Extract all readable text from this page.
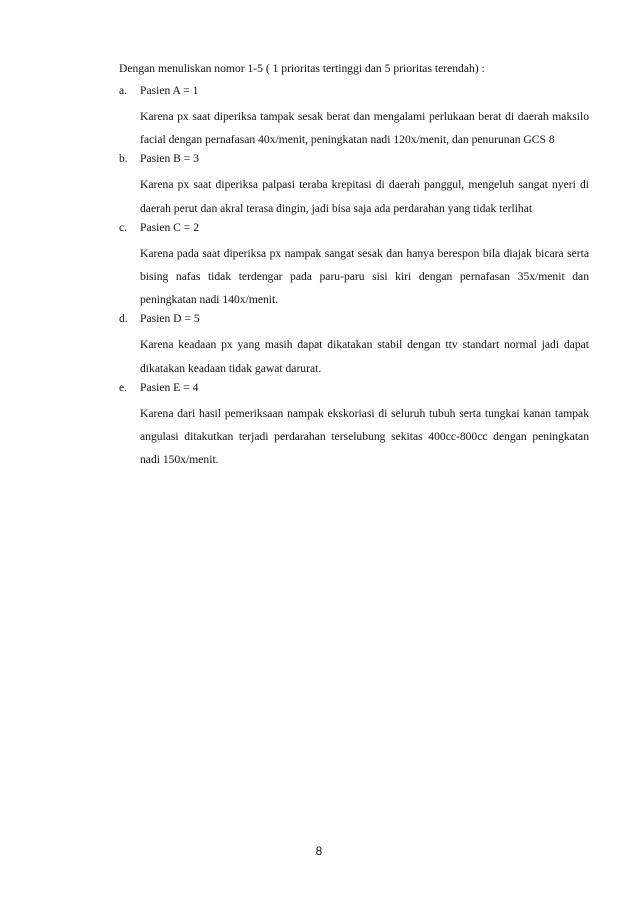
Dengan menuliskan nomor 1-5 ( 1 prioritas tertinggi dan 5 prioritas terendah) :
a.	Pasien A = 1
Karena px saat diperiksa tampak sesak berat dan mengalami perlukaan berat di daerah maksilo facial dengan pernafasan 40x/menit, peningkatan nadi 120x/menit, dan penurunan GCS 8
b.	Pasien B = 3
Karena px saat diperiksa palpasi teraba krepitasi di daerah panggul, mengeluh sangat nyeri di daerah perut dan akral terasa dingin, jadi bisa saja ada perdarahan yang tidak terlihat
c.	Pasien C = 2
Karena pada saat diperiksa px nampak sangat sesak dan hanya berespon bila diajak bicara serta bising nafas tidak terdengar pada paru-paru sisi kiri dengan pernafasan 35x/menit dan peningkatan nadi 140x/menit.
d.	Pasien D = 5
Karena keadaan px yang masih dapat dikatakan stabil dengan ttv standart normal jadi dapat dikatakan keadaan tidak gawat darurat.
e.	Pasien E = 4
Karena dari hasil pemeriksaan nampak ekskoriasi di seluruh tubuh serta tungkai kanan tampak angulasi ditakutkan terjadi perdarahan terselubung sekitas 400cc-800cc dengan peningkatan nadi 150x/menit.
8
